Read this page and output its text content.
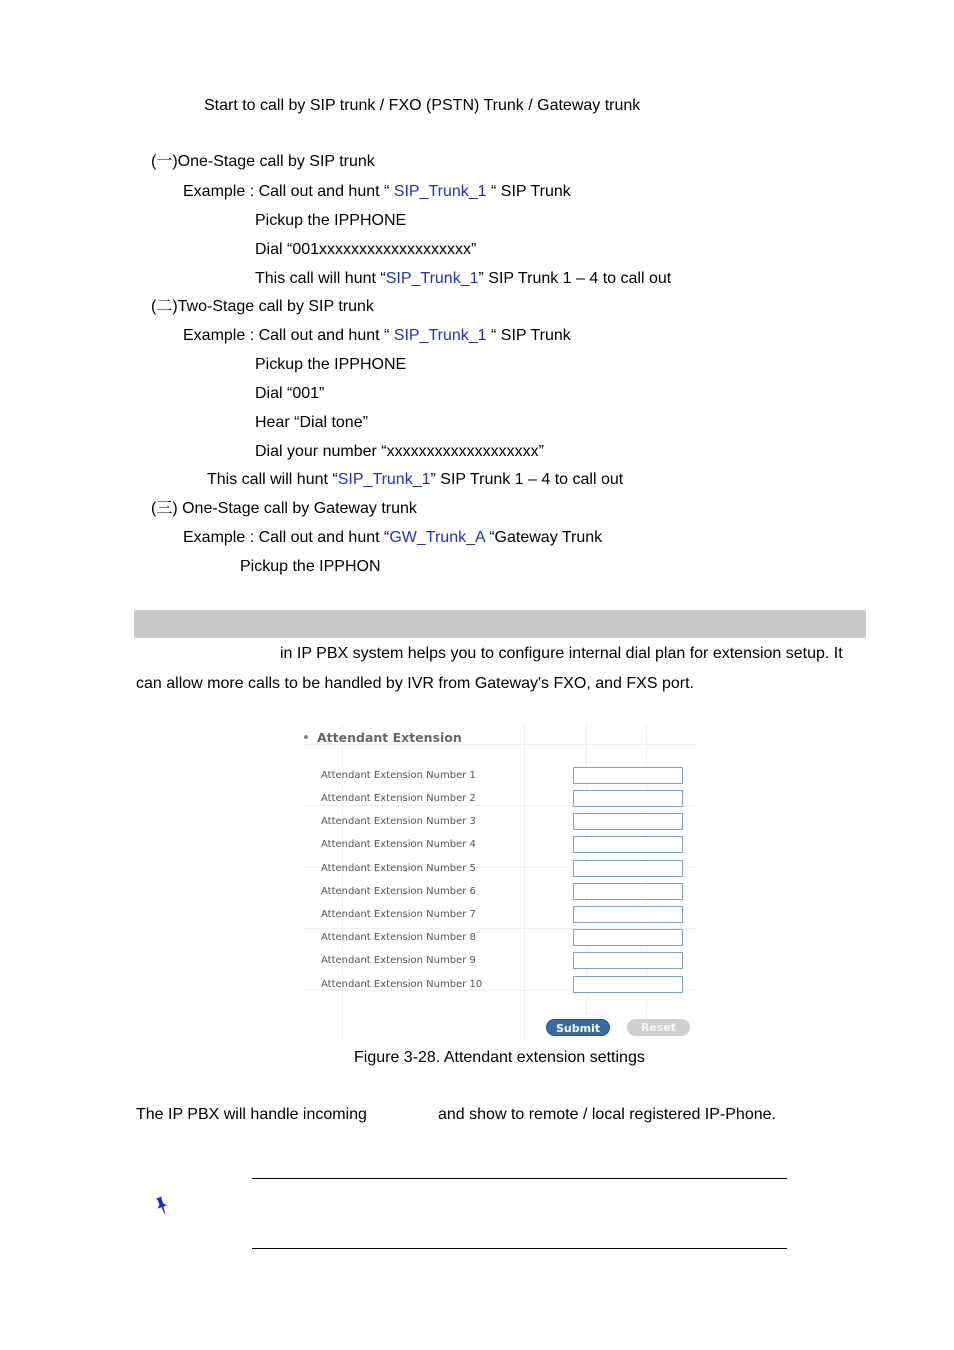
Start to call by SIP trunk / FXO (PSTN) Trunk / Gateway trunk
(一)One-Stage call by SIP trunk
Example : Call out and hunt “ SIP_Trunk_1 “ SIP Trunk
Pickup the IPPHONE
Dial “001xxxxxxxxxxxxxxxxxxx”
This call will hunt “SIP_Trunk_1” SIP Trunk 1 – 4 to call out
(二)Two-Stage call by SIP trunk
Example : Call out and hunt “ SIP_Trunk_1 “ SIP Trunk
Pickup the IPPHONE
Dial “001”
Hear “Dial tone”
Dial your number “xxxxxxxxxxxxxxxxxxx”
This call will hunt “SIP_Trunk_1” SIP Trunk 1 – 4 to call out
(三) One-Stage call by Gateway trunk
Example : Call out and hunt “GW_Trunk_A “Gateway Trunk
Pickup the IPPHON
in IP PBX system helps you to configure internal dial plan for extension setup. It
can allow more calls to be handled by IVR from Gateway's FXO, and FXS port.
Attendant Extension
Attendant Extension Number 1
Attendant Extension Number 2
Attendant Extension Number 3
Attendant Extension Number 4
Attendant Extension Number 5
Attendant Extension Number 6
Attendant Extension Number 7
Attendant Extension Number 8
Attendant Extension Number 9
Attendant Extension Number 10
Submit	Reset
Figure 3-28. Attendant extension settings
The IP PBX will handle incoming	and show to remote / local registered IP-Phone.
